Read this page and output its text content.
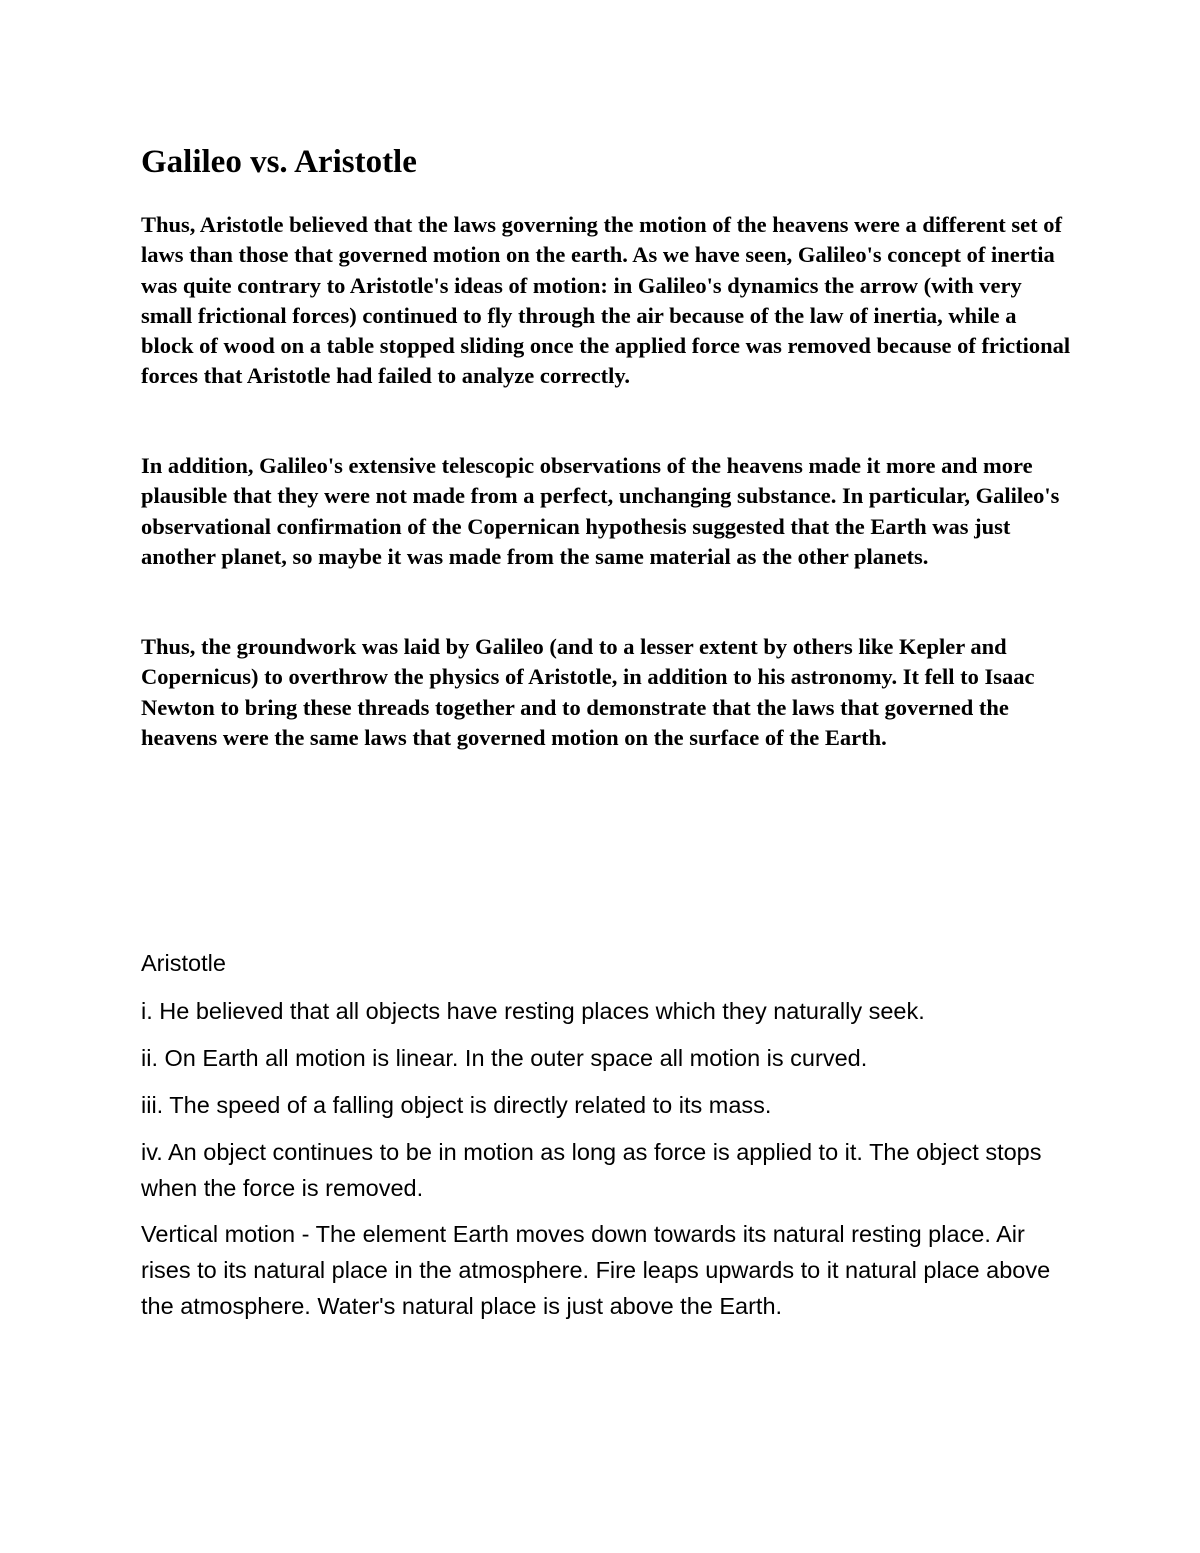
Galileo vs. Aristotle

Thus, Aristotle believed that the laws governing the motion of the heavens were a different set of laws than those that governed motion on the earth. As we have seen, Galileo's concept of inertia was quite contrary to Aristotle's ideas of motion: in Galileo's dynamics the arrow (with very small frictional forces) continued to fly through the air because of the law of inertia, while a block of wood on a table stopped sliding once the applied force was removed because of frictional forces that Aristotle had failed to analyze correctly.

In addition, Galileo's extensive telescopic observations of the heavens made it more and more plausible that they were not made from a perfect, unchanging substance. In particular, Galileo's observational confirmation of the Copernican hypothesis suggested that the Earth was just another planet, so maybe it was made from the same material as the other planets.

Thus, the groundwork was laid by Galileo (and to a lesser extent by others like Kepler and Copernicus) to overthrow the physics of Aristotle, in addition to his astronomy. It fell to Isaac Newton to bring these threads together and to demonstrate that the laws that governed the heavens were the same laws that governed motion on the surface of the Earth.

Aristotle

i. He believed that all objects have resting places which they naturally seek.

ii. On Earth all motion is linear. In the outer space all motion is curved.

iii. The speed of a falling object is directly related to its mass.

iv. An object continues to be in motion as long as force is applied to it. The object stops when the force is removed.

Vertical motion - The element Earth moves down towards its natural resting place. Air rises to its natural place in the atmosphere. Fire leaps upwards to it natural place above the atmosphere. Water's natural place is just above the Earth.
